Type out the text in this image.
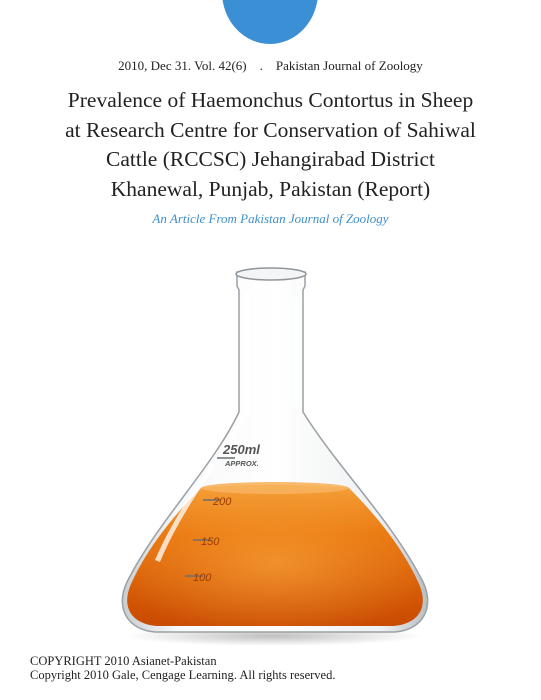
2010, Dec 31. Vol. 42(6)    .    Pakistan Journal of Zoology
Prevalence of Haemonchus Contortus in Sheep
at Research Centre for Conservation of Sahiwal
Cattle (RCCSC) Jehangirabad District
Khanewal, Punjab, Pakistan (Report)
An Article From Pakistan Journal of Zoology
250ml
APPROX.
200
150
100
COPYRIGHT 2010 Asianet-Pakistan
Copyright 2010 Gale, Cengage Learning. All rights reserved.
